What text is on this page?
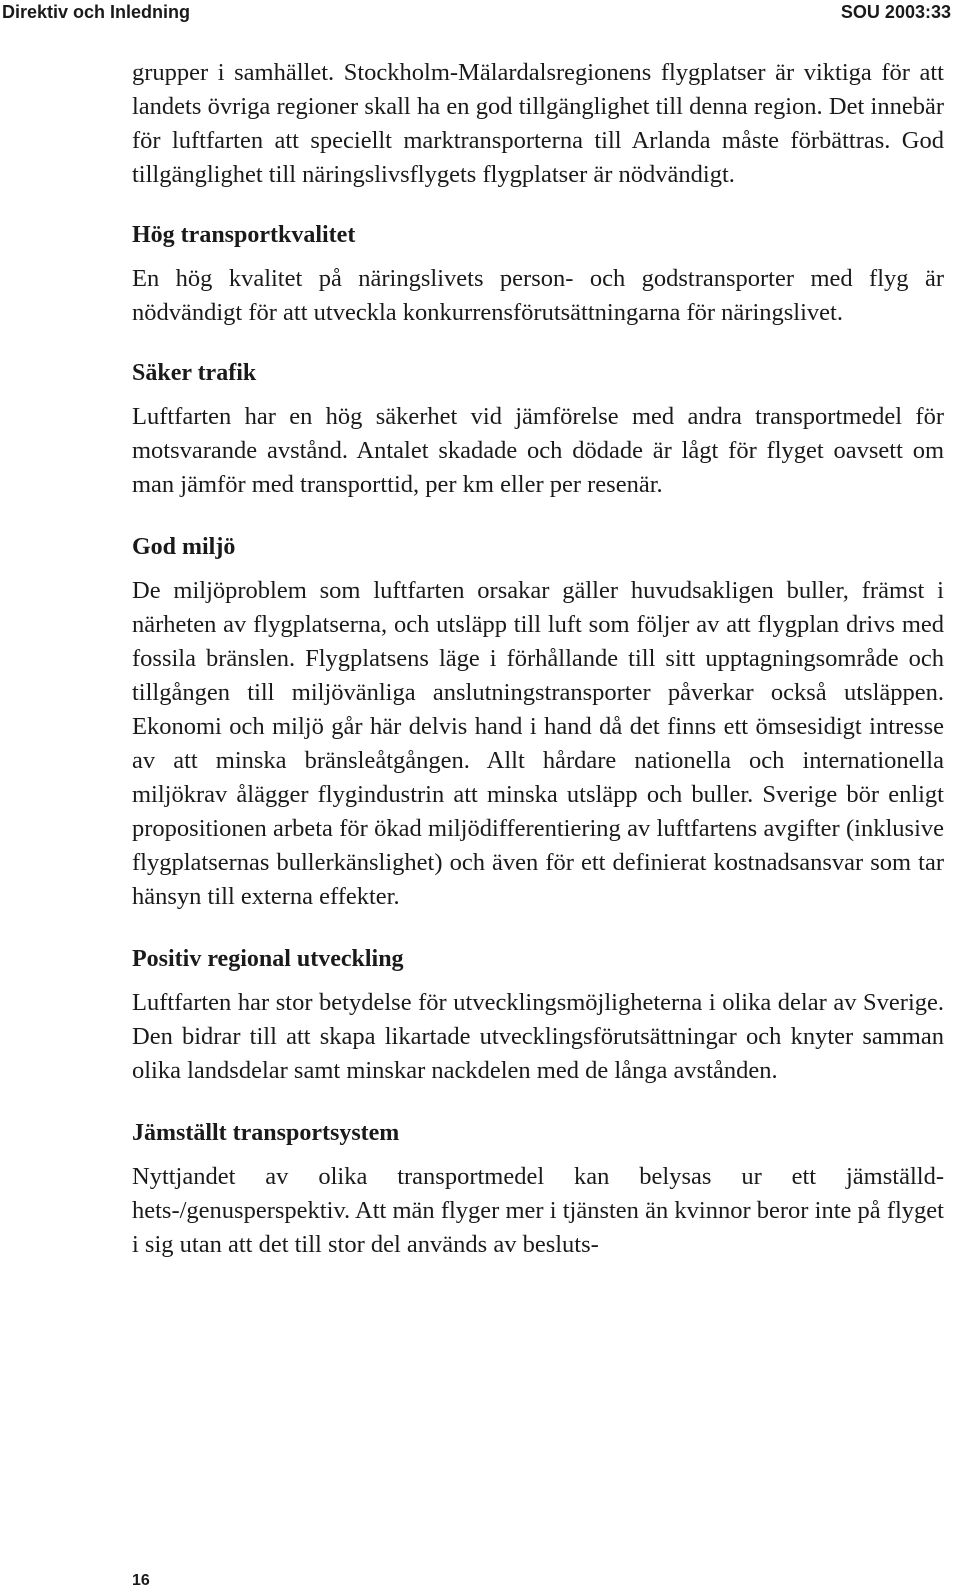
Direktiv och Inledning	SOU 2003:33

grupper i samhället. Stockholm-Mälardalsregionens flygplatser är viktiga för att landets övriga regioner skall ha en god tillgänglighet till denna region. Det innebär för luftfarten att speciellt marktransporterna till Arlanda måste förbättras. God tillgänglighet till näringslivsflygets flygplatser är nödvändigt.

Hög transportkvalitet

En hög kvalitet på näringslivets person- och godstransporter med flyg är nödvändigt för att utveckla konkurrensförutsättningarna för näringslivet.

Säker trafik

Luftfarten har en hög säkerhet vid jämförelse med andra transportmedel för motsvarande avstånd. Antalet skadade och dödade är lågt för flyget oavsett om man jämför med transporttid, per km eller per resenär.

God miljö

De miljöproblem som luftfarten orsakar gäller huvudsakligen buller, främst i närheten av flygplatserna, och utsläpp till luft som följer av att flygplan drivs med fossila bränslen. Flygplatsens läge i förhållande till sitt upptagningsområde och tillgången till miljövänliga anslutningstransporter påverkar också utsläppen. Ekonomi och miljö går här delvis hand i hand då det finns ett ömsesidigt intresse av att minska bränsleåtgången. Allt hårdare nationella och internationella miljökrav ålägger flygindustrin att minska utsläpp och buller. Sverige bör enligt propositionen arbeta för ökad miljödifferentiering av luftfartens avgifter (inklusive flygplatsernas bullerkänslighet) och även för ett definierat kostnadsansvar som tar hänsyn till externa effekter.

Positiv regional utveckling

Luftfarten har stor betydelse för utvecklingsmöjligheterna i olika delar av Sverige. Den bidrar till att skapa likartade utvecklingsförutsättningar och knyter samman olika landsdelar samt minskar nackdelen med de långa avstånden.

Jämställt transportsystem

Nyttjandet av olika transportmedel kan belysas ur ett jämställdhets-/genusperspektiv. Att män flyger mer i tjänsten än kvinnor beror inte på flyget i sig utan att det till stor del används av besluts-

16
